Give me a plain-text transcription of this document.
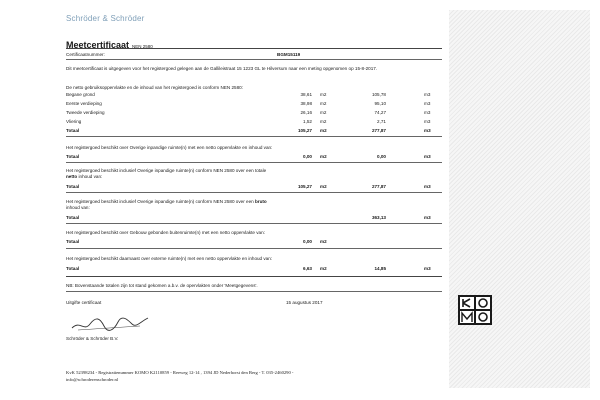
Schröder & Schröder
Meetcertificaat NEN 2580
Certificaatnummer:	BGM15119
Dit meetcertificaat is uitgegeven voor het registergoed gelegen aan de Gallileistraat 15 1223 GL te Hilversum naar een meting opgenomen op 15-8-2017.
De netto gebruiksoppervlakte en de inhoud van het registergoed is conform NEN 2580:
Begane grond	38,61 m2	105,78	m3
Eerste verdieping	38,98 m2	95,10	m3
Tweede verdieping	26,16 m2	74,27	m3
Vliering	1,52 m2	2,71	m3
Totaal	105,27 m2	277,87	m3
Het registergoed beschikt over Overige inpandige ruimte(n) met een netto oppervlakte en inhoud van:
Totaal	0,00 m2	0,00	m3
Het registergoed beschikt inclusief Overige inpandige ruimte(n) conform NEN 2580 over een totale
netto inhoud van:
Totaal	105,27 m2	277,87	m3
Het registergoed beschikt inclusief Overige inpandige ruimte(n) conform NEN 2580 over een bruto
inhoud van:
Totaal	363,13	m3
Het registergoed beschikt over Gebouw gebonden buitenruimte(n) met een netto oppervlakte van:
Totaal	0,00 m2
Het registergoed beschikt daarnaast over externe ruimte(n) met een netto oppervlakte en inhoud van:
Totaal	6,63 m2	14,85	m3
NB: Bovenstaande totalen zijn tot stand gekomen a.b.v. de opervlakten onder 'Meetgegevens'.
Uitgifte certificaat	15 augustus 2017
Schröder & Schröder B.V.
KvK 52398234 - Registratienummer KOMO K2110859 - Reeweg 12-14 , 1394 JD Nederhorst den Berg - T. 035-2460290 -
info@schroderenschroder.nl
